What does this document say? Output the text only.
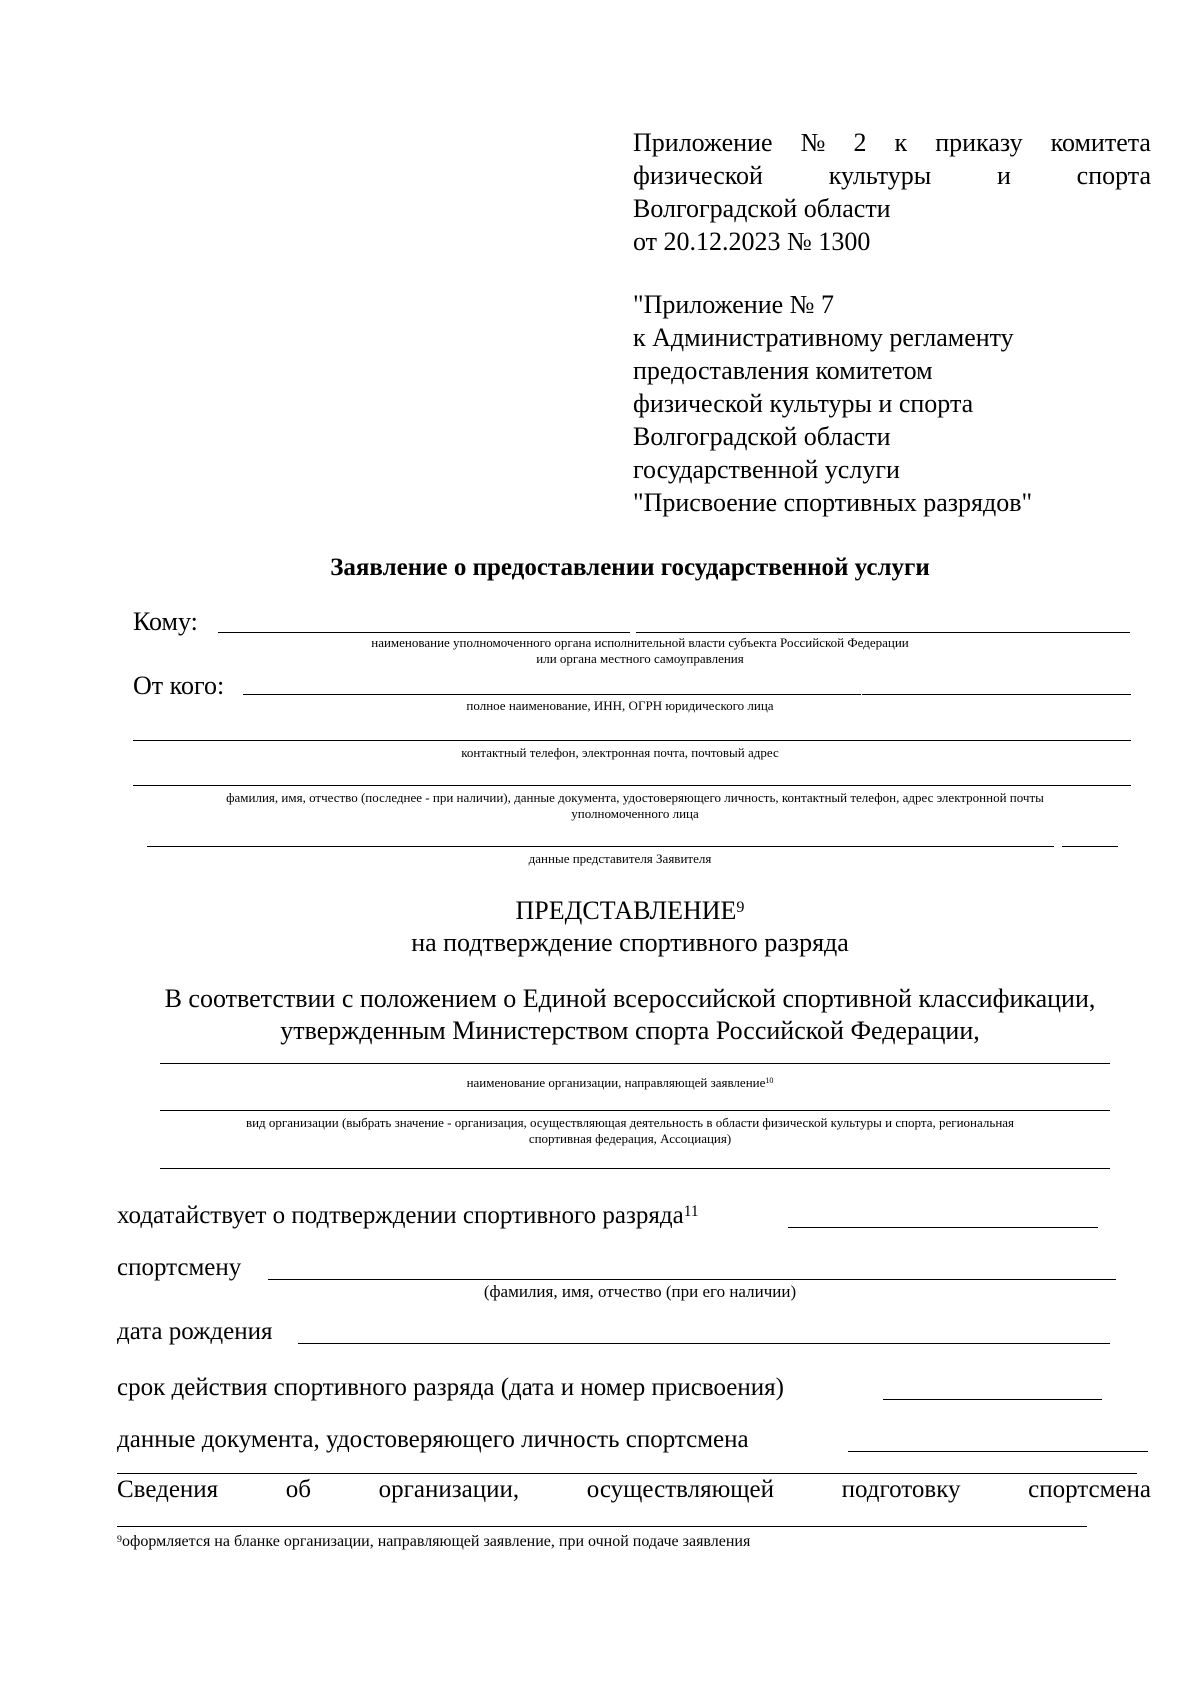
Приложение № 2 к приказу комитета
физической	культуры	и	спорта
Волгоградской области
от 20.12.2023 № 1300
"Приложение № 7
к Административному регламенту
предоставления комитетом
физической культуры и спорта
Волгоградской области
государственной услуги
"Присвоение спортивных разрядов"
Заявление о предоставлении государственной услуги
Кому:
наименование уполномоченного органа исполнительной власти субъекта Российской Федерации
или органа местного самоуправления
От кого:
полное наименование, ИНН, ОГРН юридического лица
контактный телефон, электронная почта, почтовый адрес
фамилия, имя, отчество (последнее - при наличии), данные документа, удостоверяющего личность, контактный телефон, адрес электронной почты
уполномоченного лица
данные представителя Заявителя
ПРЕДСТАВЛЕНИЕ$^9$
на подтверждение спортивного разряда
В соответствии с положением о Единой всероссийской спортивной классификации,
утвержденным Министерством спорта Российской Федерации,
наименование организации, направляющей заявление$^{10}$
вид организации (выбрать значение - организация, осуществляющая деятельность в области физической культуры и спорта, региональная
спортивная федерация, Ассоциация)
ходатайствует о подтверждении спортивного разряда$^{11}$
спортсмену
(фамилия, имя, отчество (при его наличии)
дата рождения
срок действия спортивного разряда (дата и номер присвоения)
данные документа, удостоверяющего личность спортсмена
Сведения	об	организации,	осуществляющей	подготовку	спортсмена
$^9$оформляется на бланке организации, направляющей заявление, при очной подаче заявления
